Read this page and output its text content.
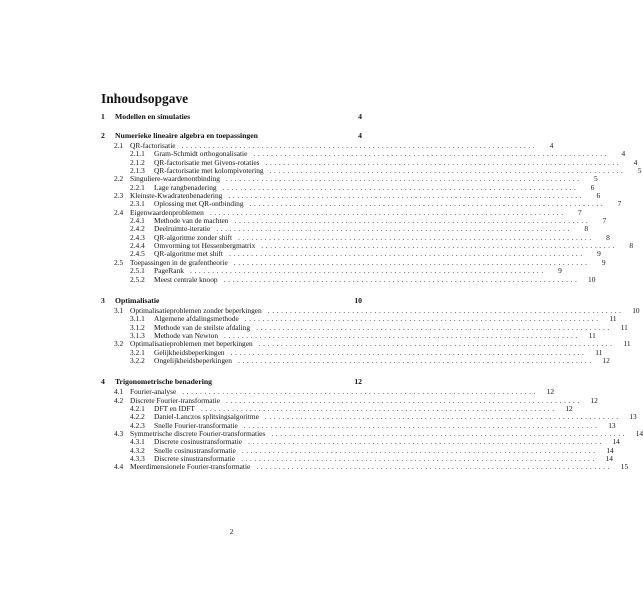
Inhoudsopgave
1	Modellen en simulaties	4
2	Numerieke lineaire algebra en toepassingen	4
2.1 QR-factorisatie ................................................................................	4
2.1.1	Gram-Schmidt orthogonalisatie ................................................................................	4
2.1.2	QR-factorisatie met Givens-rotaties ................................................................................	4
2.1.3	QR-factorisatie met kolompivotering ................................................................................	5
2.2 Singuliere-waardenontbinding ................................................................................	5
2.2.1	Lage rangbenadering ................................................................................	6
2.3 Kleinste-Kwadratenbenadering ................................................................................	6
2.3.1	Oplossing met QR-ontbinding ................................................................................	7
2.4 Eigenwaardenproblemen ................................................................................	7
2.4.1	Methode van de machten ................................................................................	7
2.4.2	Deelruimte-iteratie ................................................................................	8
2.4.3	QR-algoritme zonder shift ................................................................................	8
2.4.4	Omvorming tot Hessenbergmatrix ................................................................................	8
2.4.5	QR-algoritme met shift ................................................................................	9
2.5 Toepassingen in de grafentheorie ................................................................................	9
2.5.1	PageRank ................................................................................	9
2.5.2	Meest centrale knoop ................................................................................	10
3	Optimalisatie	10
3.1 Optimalisatieproblemen zonder beperkingen ................................................................................	10
3.1.1	Algemene afdalingsmethode ................................................................................	11
3.1.2	Methode van de steilste afdaling ................................................................................	11
3.1.3	Methode van Newton ................................................................................	11
3.2 Optimalisatieproblemen met beperkingen ................................................................................	11
3.2.1	Gelijkheidsbeperkingen ................................................................................	11
3.2.2	Ongelijkheidsbeperkingen ................................................................................	12
4	Trigonometrische benadering	12
4.1 Fourier-analyse ................................................................................	12
4.2 Discrete Fourier-transformatie ................................................................................	12
4.2.1	DFT en IDFT ................................................................................	12
4.2.2	Daniel-Lanczos splitsingsalgoritme ................................................................................	13
4.2.3	Snelle Fourier-transformatie ................................................................................	13
4.3 Symmetrische discrete Fourier-transformaties ................................................................................	14
4.3.1	Discrete cosinustransformatie ................................................................................	14
4.3.2	Snelle cosinustransformatie ................................................................................	14
4.3.3	Discrete sinustransformatie ................................................................................	14
4.4 Meerdimensionele Fourier-transformatie ................................................................................	15
2
